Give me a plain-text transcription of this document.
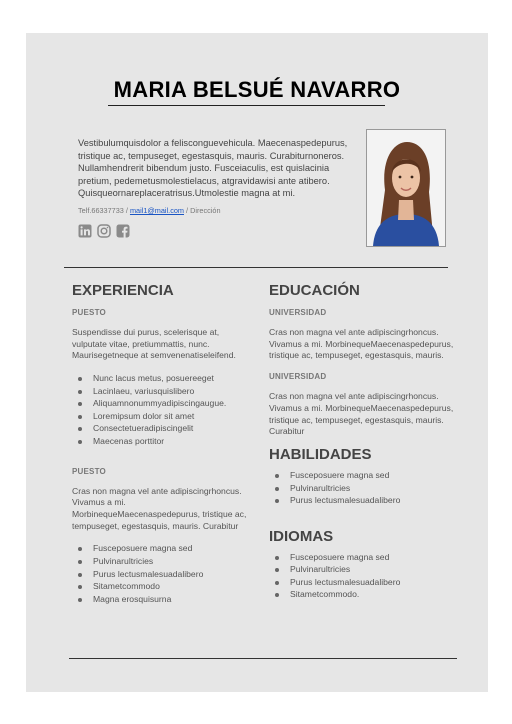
MARIA BELSUÉ NAVARRO
Vestibulumquisdolor a felisconguevehicula. Maecenaspedepurus, tristique ac, tempuseget, egestasquis, mauris. Curabiturnoneros. Nullamhendrerit bibendum justo. Fusceiaculis, est quislacinia pretium, pedemetusmolestielacus, atgravidawisi ante atibero. Quisqueornareplaceratrisus.Utmolestie magna at mi.
Telf.66337733 / mail1@mail.com / Dirección
EXPERIENCIA
PUESTO
Suspendisse dui purus, scelerisque at, vulputate vitae, pretiummattis, nunc. Maurisegetneque at semvenenatiseleifend.
Nunc lacus metus, posuereeget
Lacinlaeu, variusquislibero
Aliquamnonummyadipiscingaugue.
Loremipsum dolor sit amet
Consectetueradipiscingelit
Maecenas porttitor
PUESTO
Cras non magna vel ante adipiscingrhoncus. Vivamus a mi. MorbinequeMaecenaspedepurus, tristique ac, tempuseget, egestasquis, mauris. Curabitur
Fusceposuere magna sed
Pulvinarultricies
Purus lectusmalesuadalibero
Sitametcommodo
Magna erosquisurna
EDUCACIÓN
UNIVERSIDAD
Cras non magna vel ante adipiscingrhoncus. Vivamus a mi. MorbinequeMaecenaspedepurus, tristique ac, tempuseget, egestasquis, mauris.
UNIVERSIDAD
Cras non magna vel ante adipiscingrhoncus. Vivamus a mi. MorbinequeMaecenaspedepurus, tristique ac, tempuseget, egestasquis, mauris. Curabitur
HABILIDADES
Fusceposuere magna sed
Pulvinarultricies
Purus lectusmalesuadalibero
IDIOMAS
Fusceposuere magna sed
Pulvinarultricies
Purus lectusmalesuadalibero
Sitametcommodo.
